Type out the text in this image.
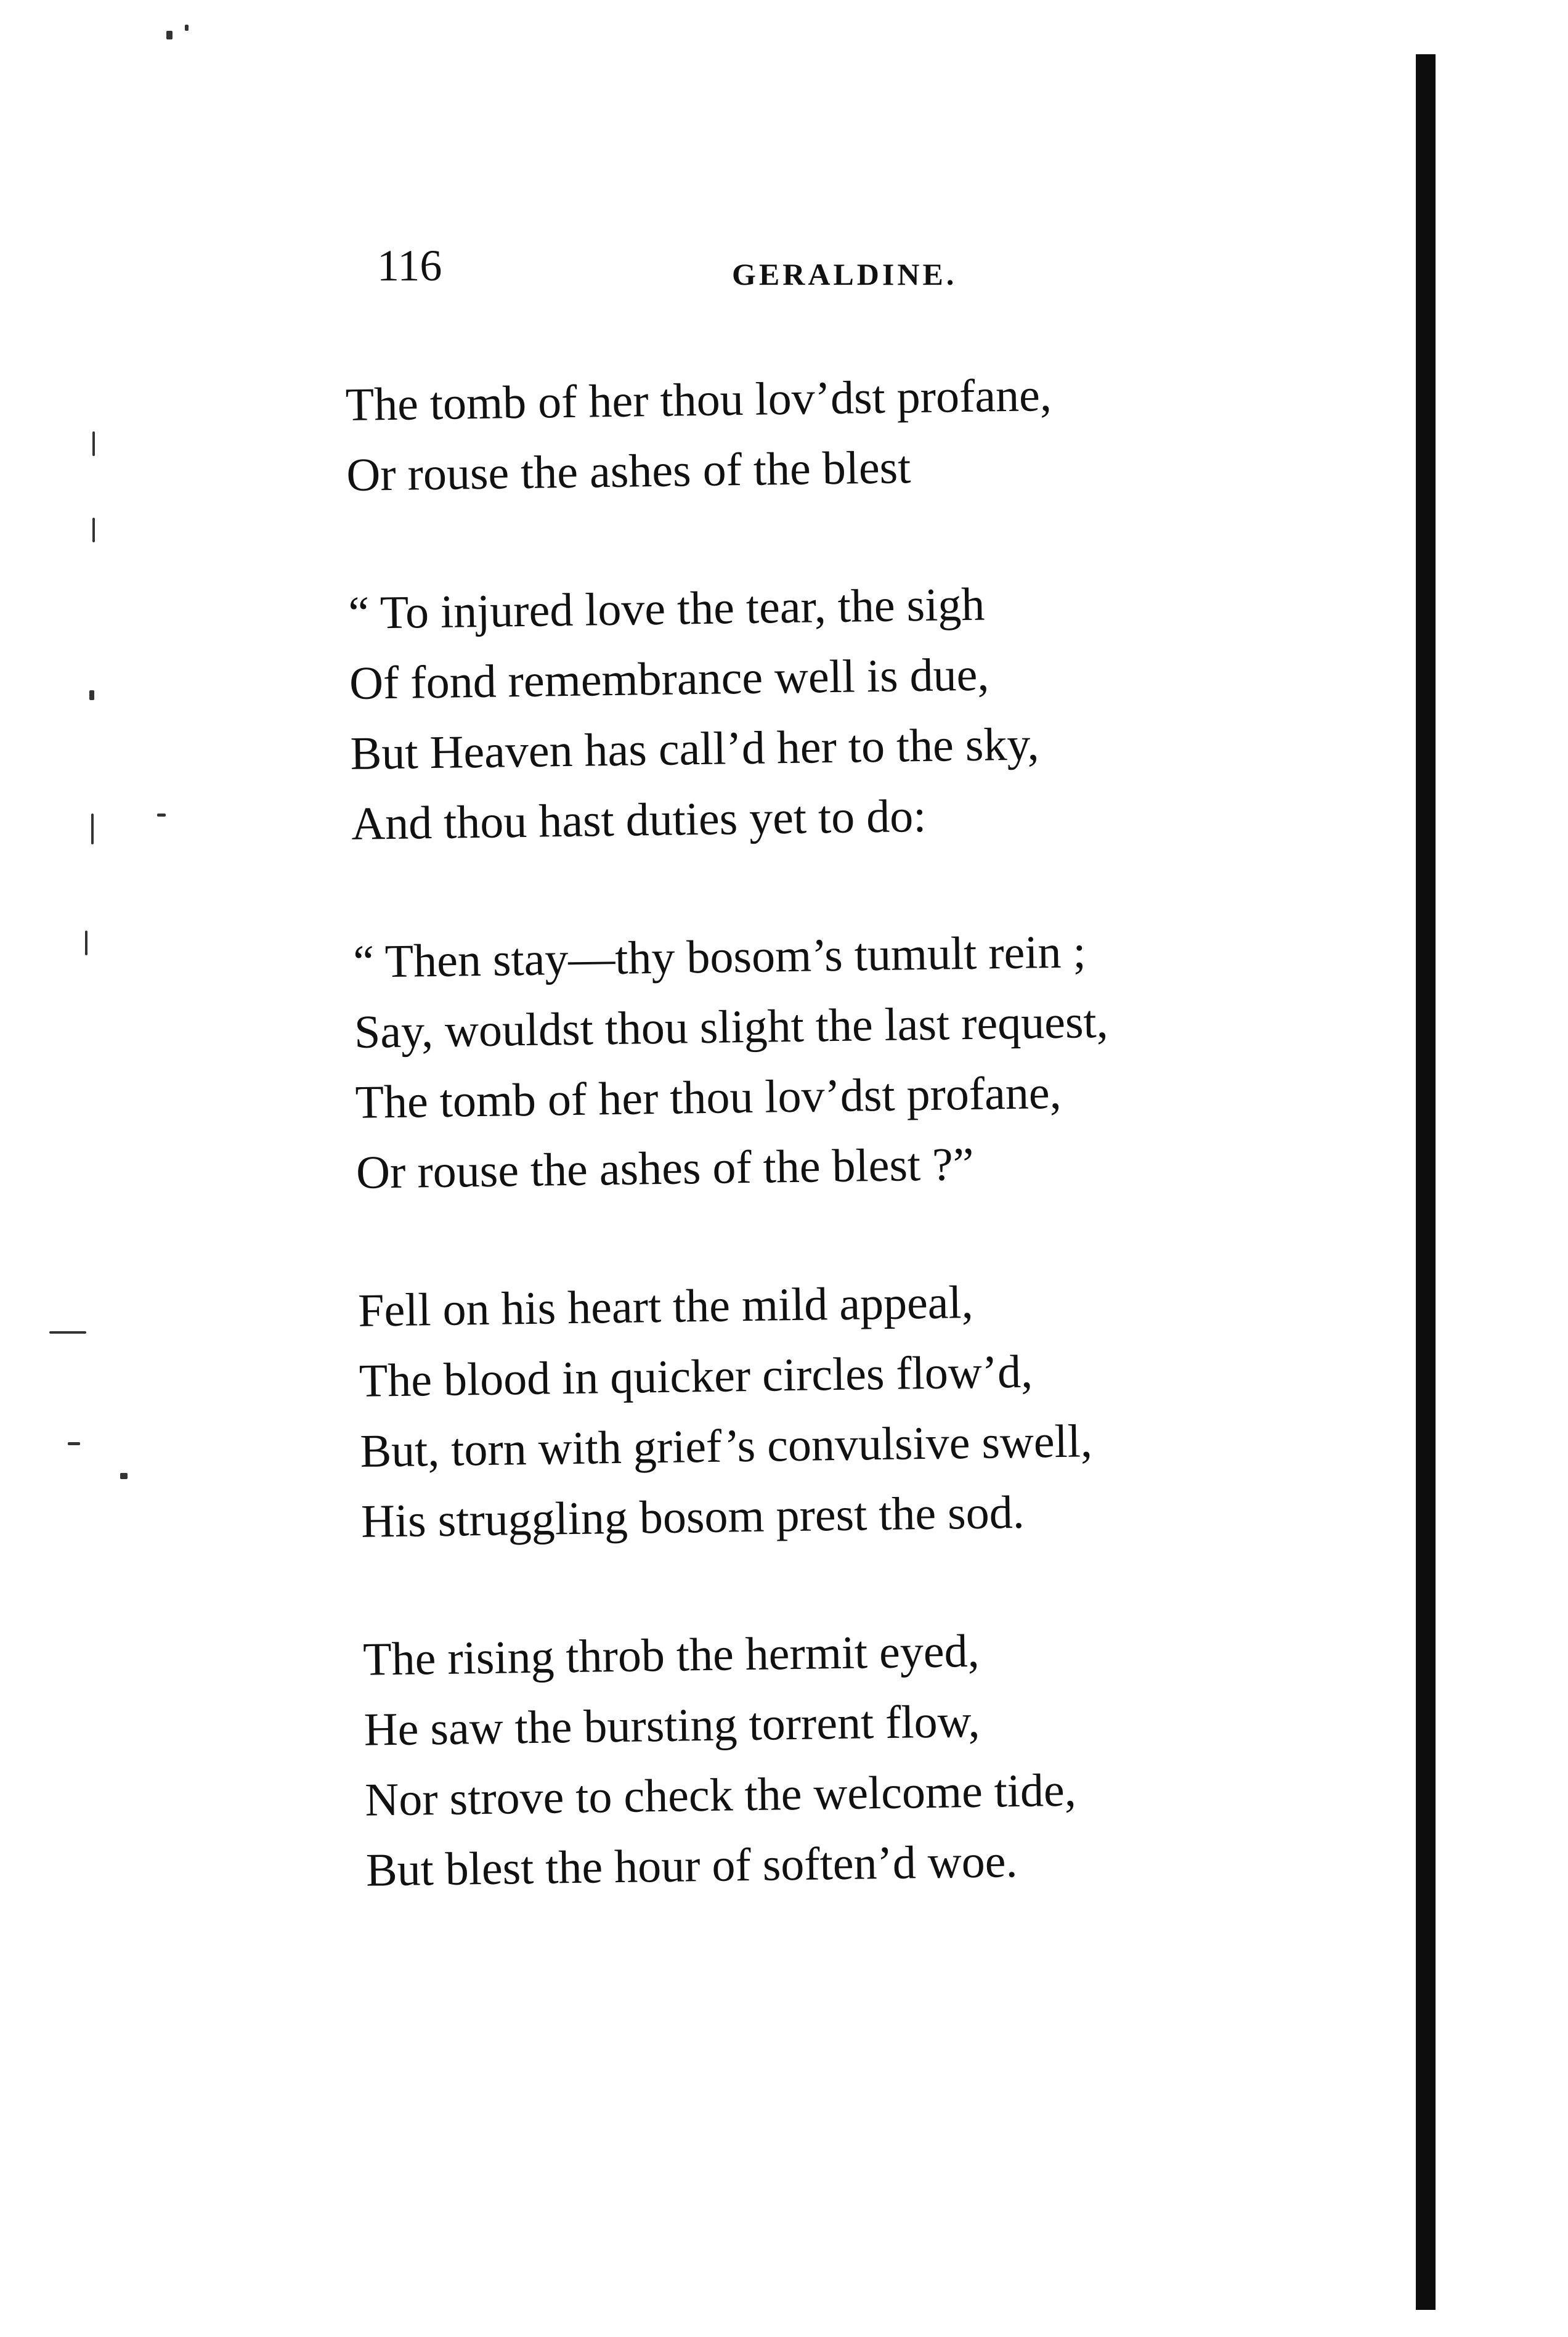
116	GERALDINE.
The tomb of her thou lov’dst profane,
Or rouse the ashes of the blest
“ To injured love the tear, the sigh
Of fond remembrance well is due,
But Heaven has call’d her to the sky,
And thou hast duties yet to do:
“ Then stay—thy bosom’s tumult rein ;
Say, wouldst thou slight the last request,
The tomb of her thou lov’dst profane,
Or rouse the ashes of the blest ?”
Fell on his heart the mild appeal,
The blood in quicker circles flow’d,
But, torn with grief’s convulsive swell,
His struggling bosom prest the sod.
The rising throb the hermit eyed,
He saw the bursting torrent flow,
Nor strove to check the welcome tide,
But blest the hour of soften’d woe.
